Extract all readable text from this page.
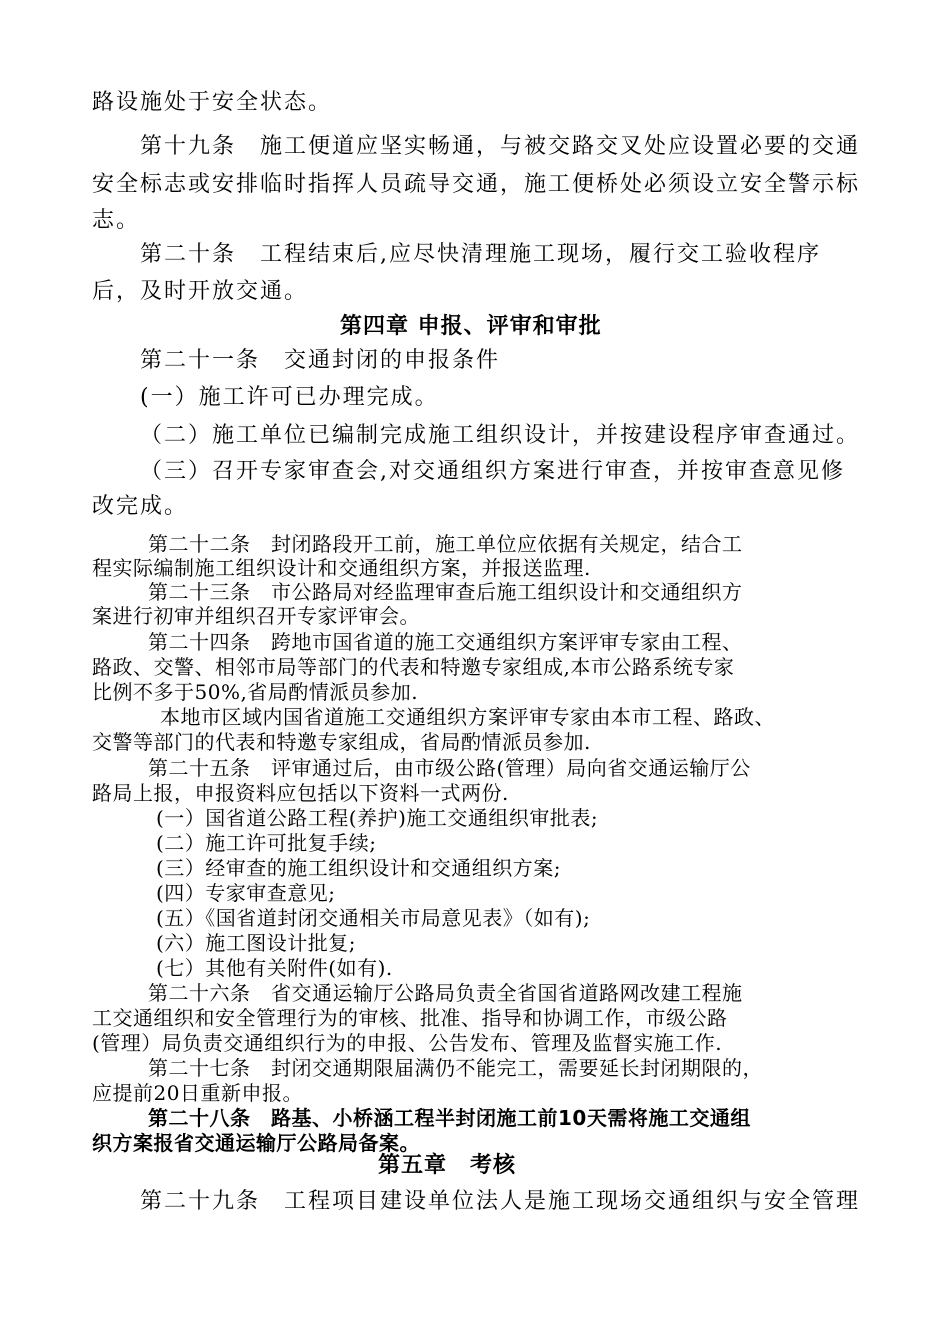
路设施处于安全状态。

第十九条　施工便道应坚实畅通，与被交路交叉处应设置必要的交通

安全标志或安排临时指挥人员疏导交通，施工便桥处必须设立安全警示标

志。

第二十条　工程结束后,应尽快清理施工现场，履行交工验收程序

后，及时开放交通。

第四章 申报、评审和审批

第二十一条　交通封闭的申报条件

(一）施工许可已办理完成。

（二）施工单位已编制完成施工组织设计，并按建设程序审查通过。

（三）召开专家审查会,对交通组织方案进行审查，并按审查意见修

改完成。

第二十二条　封闭路段开工前，施工单位应依据有关规定，结合工

程实际编制施工组织设计和交通组织方案，并报送监理.

第二十三条　市公路局对经监理审查后施工组织设计和交通组织方

案进行初审并组织召开专家评审会。

第二十四条　跨地市国省道的施工交通组织方案评审专家由工程、

路政、交警、相邻市局等部门的代表和特邀专家组成,本市公路系统专家

比例不多于50%,省局酌情派员参加.

本地市区域内国省道施工交通组织方案评审专家由本市工程、路政、

交警等部门的代表和特邀专家组成，省局酌情派员参加.

第二十五条　评审通过后，由市级公路(管理）局向省交通运输厅公

路局上报，申报资料应包括以下资料一式两份.

(一）国省道公路工程(养护)施工交通组织审批表;

(二）施工许可批复手续;

(三）经审查的施工组织设计和交通组织方案;

(四）专家审查意见;

(五）《国省道封闭交通相关市局意见表》（如有);

(六）施工图设计批复;

(七）其他有关附件(如有).

第二十六条　省交通运输厅公路局负责全省国省道路网改建工程施

工交通组织和安全管理行为的审核、批准、指导和协调工作，市级公路

(管理）局负责交通组织行为的申报、公告发布、管理及监督实施工作.

第二十七条　封闭交通期限届满仍不能完工，需要延长封闭期限的，

应提前20日重新申报。

第二十八条　路基、小桥涵工程半封闭施工前10天需将施工交通组

织方案报省交通运输厅公路局备案。

第五章　考核

第二十九条　工程项目建设单位法人是施工现场交通组织与安全管理
